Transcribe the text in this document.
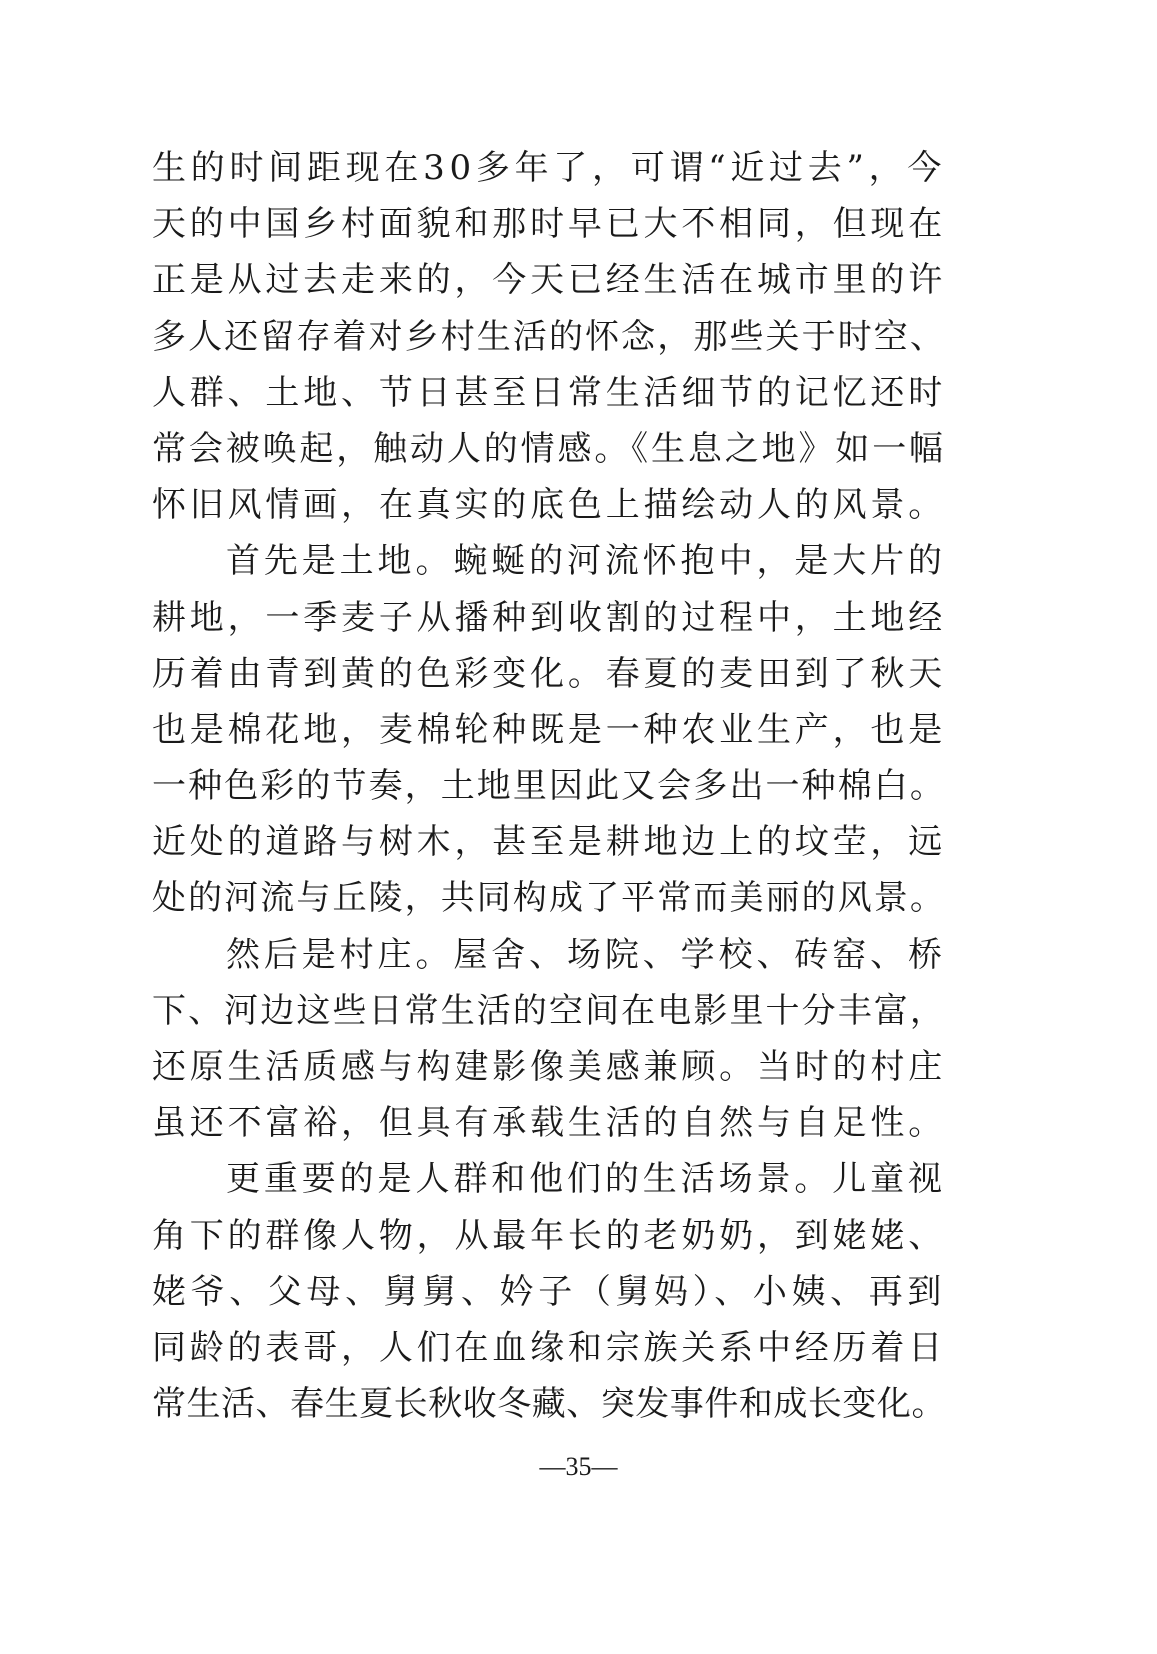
生的时间距现在30多年了，可谓“近过去”，今
天的中国乡村面貌和那时早已大不相同，但现在
正是从过去走来的，今天已经生活在城市里的许
多人还留存着对乡村生活的怀念，那些关于时空、
人群、土地、节日甚至日常生活细节的记忆还时
常会被唤起，触动人的情感。《生息之地》如一幅
怀旧风情画，在真实的底色上描绘动人的风景。
首先是土地。蜿蜒的河流怀抱中，是大片的
耕地，一季麦子从播种到收割的过程中，土地经
历着由青到黄的色彩变化。春夏的麦田到了秋天
也是棉花地，麦棉轮种既是一种农业生产，也是
一种色彩的节奏，土地里因此又会多出一种棉白。
近处的道路与树木，甚至是耕地边上的坟茔，远
处的河流与丘陵，共同构成了平常而美丽的风景。
然后是村庄。屋舍、场院、学校、砖窑、桥
下、河边这些日常生活的空间在电影里十分丰富，
还原生活质感与构建影像美感兼顾。当时的村庄
虽还不富裕，但具有承载生活的自然与自足性。
更重要的是人群和他们的生活场景。儿童视
角下的群像人物，从最年长的老奶奶，到姥姥、
姥爷、父母、舅舅、妗子（舅妈）、小姨、再到
同龄的表哥，人们在血缘和宗族关系中经历着日
常生活、春生夏长秋收冬藏、突发事件和成长变化。
—35—
